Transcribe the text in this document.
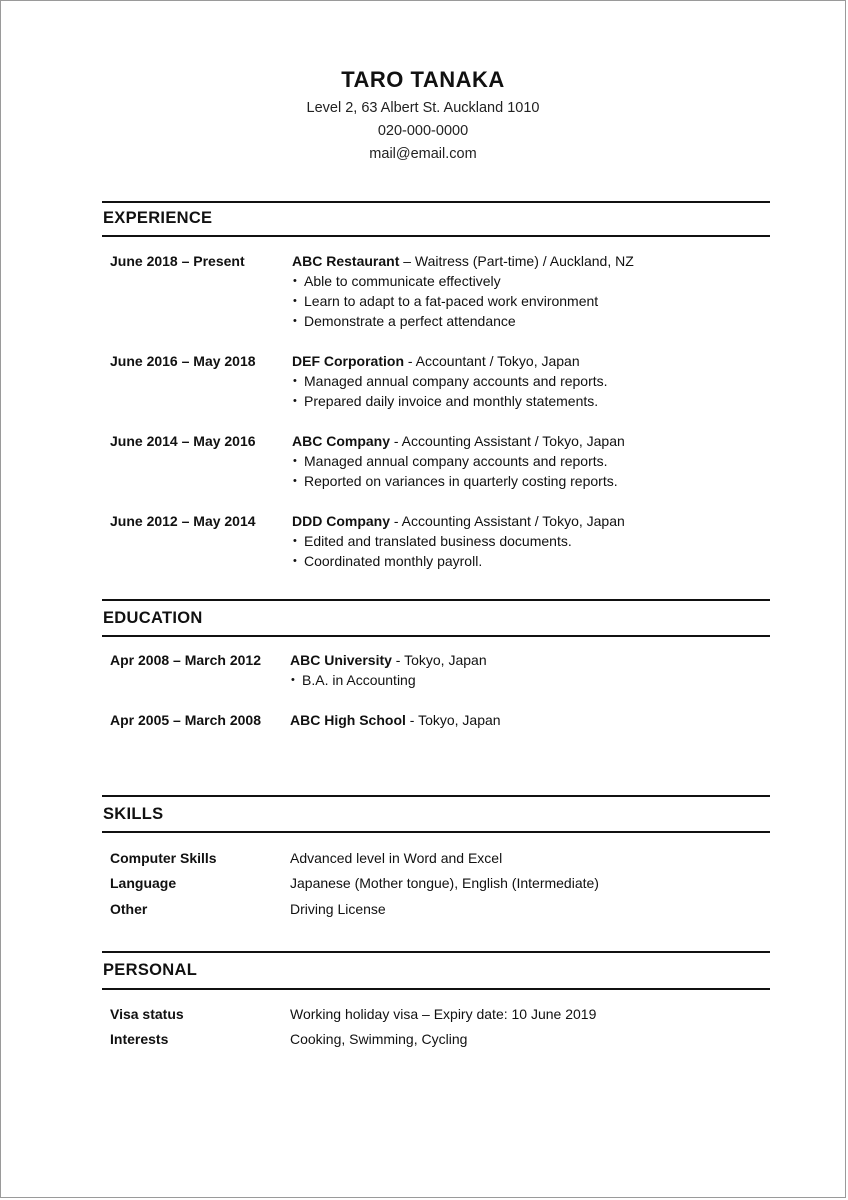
TARO TANAKA
Level 2, 63 Albert St. Auckland 1010
020-000-0000
mail@email.com
EXPERIENCE
June 2018 – Present	ABC Restaurant – Waitress (Part-time) / Auckland, NZ
• Able to communicate effectively
• Learn to adapt to a fat-paced work environment
• Demonstrate a perfect attendance
June 2016 – May 2018	DEF Corporation - Accountant / Tokyo, Japan
• Managed annual company accounts and reports.
• Prepared daily invoice and monthly statements.
June 2014 – May 2016	ABC Company - Accounting Assistant / Tokyo, Japan
• Managed annual company accounts and reports.
• Reported on variances in quarterly costing reports.
June 2012 – May 2014	DDD Company - Accounting Assistant / Tokyo, Japan
• Edited and translated business documents.
• Coordinated monthly payroll.
EDUCATION
Apr 2008 – March 2012 ABC University - Tokyo, Japan
• B.A. in Accounting
Apr 2005 – March 2008 ABC High School - Tokyo, Japan
SKILLS
Computer Skills	Advanced level in Word and Excel
Language	Japanese (Mother tongue), English (Intermediate)
Other	Driving License
PERSONAL
Visa status	Working holiday visa – Expiry date: 10 June 2019
Interests	Cooking, Swimming, Cycling
